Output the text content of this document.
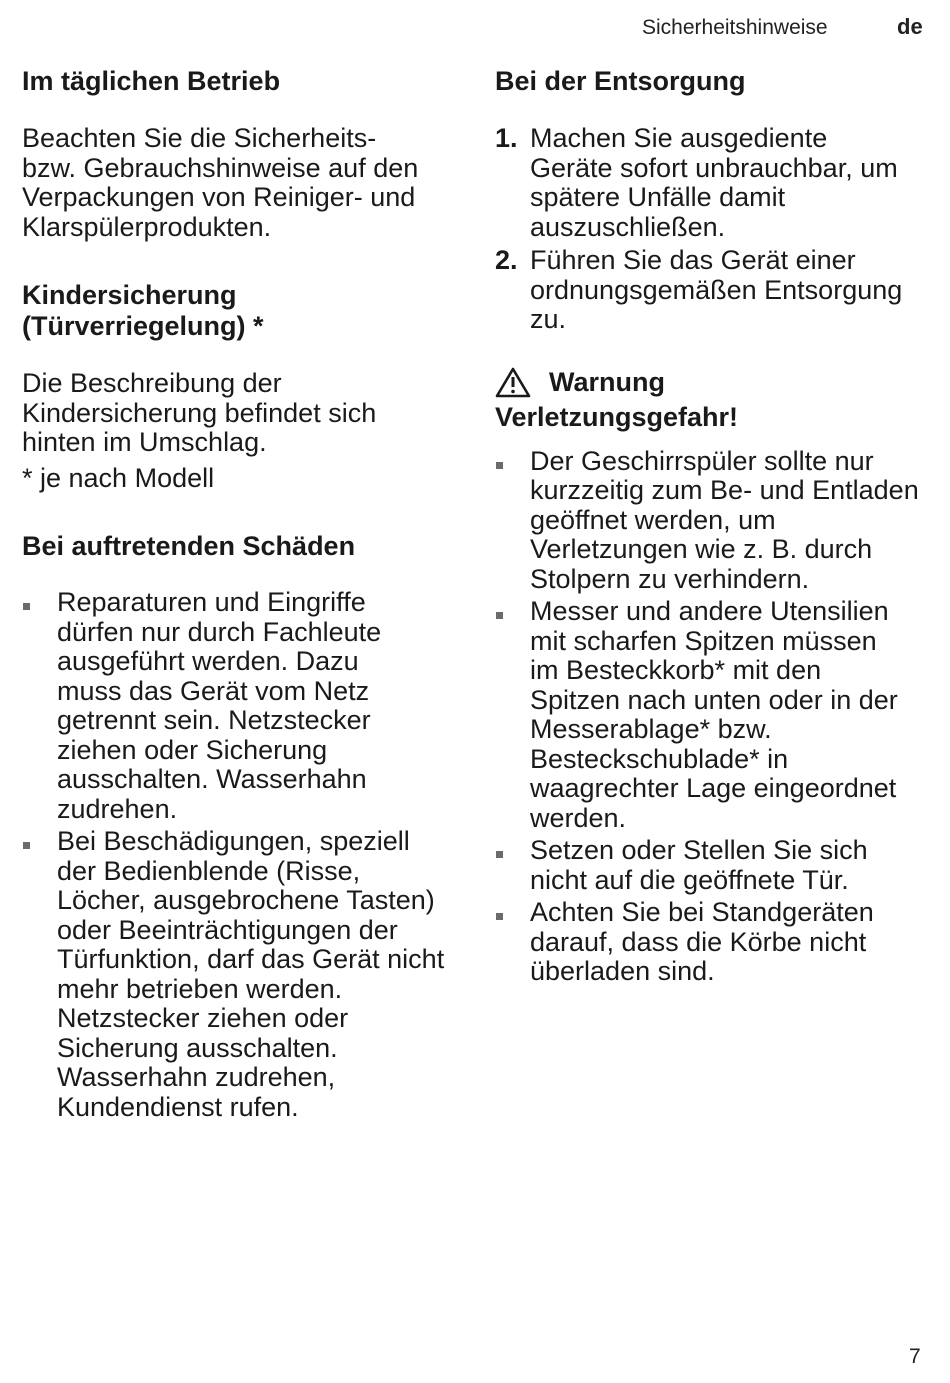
Sicherheitshinweise	de
Im täglichen Betrieb

Beachten Sie die Sicherheits- bzw. Gebrauchshinweise auf den Verpackungen von Reiniger- und Klarspülerprodukten.

Kindersicherung
(Türverriegelung) *

Die Beschreibung der Kindersicherung befindet sich hinten im Umschlag.

* je nach Modell

Bei auftretenden Schäden
Reparaturen und Eingriffe dürfen nur durch Fachleute ausgeführt werden. Dazu muss das Gerät vom Netz getrennt sein. Netzstecker ziehen oder Sicherung ausschalten. Wasserhahn zudrehen.
Bei Beschädigungen, speziell der Bedienblende (Risse, Löcher, ausgebrochene Tasten) oder Beeinträchtigungen der Türfunktion, darf das Gerät nicht mehr betrieben werden. Netzstecker ziehen oder Sicherung ausschalten. Wasserhahn zudrehen, Kundendienst rufen.
Bei der Entsorgung
1. Machen Sie ausgediente Geräte sofort unbrauchbar, um spätere Unfälle damit auszuschließen.
2. Führen Sie das Gerät einer ordnungsgemäßen Entsorgung zu.
Warnung
Verletzungsgefahr!
Der Geschirrspüler sollte nur kurzzeitig zum Be- und Entladen geöffnet werden, um Verletzungen wie z. B. durch Stolpern zu verhindern.
Messer und andere Utensilien mit scharfen Spitzen müssen im Besteckkorb* mit den Spitzen nach unten oder in der Messerablage* bzw. Besteckschublade* in waagrechter Lage eingeordnet werden.
Setzen oder Stellen Sie sich nicht auf die geöffnete Tür.
Achten Sie bei Standgeräten darauf, dass die Körbe nicht überladen sind.
7
